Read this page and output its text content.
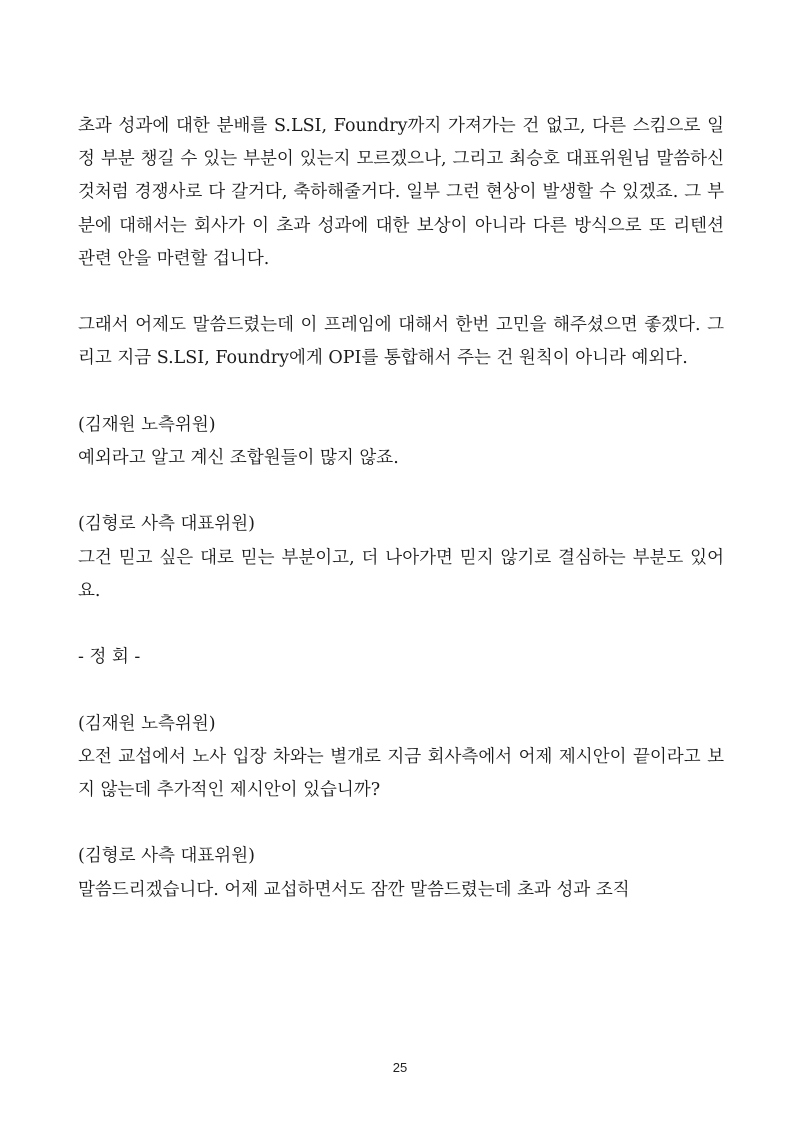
초과 성과에 대한 분배를 S.LSI, Foundry까지 가져가는 건 없고, 다른 스킴으로 일정 부분 챙길 수 있는 부분이 있는지 모르겠으나, 그리고 최승호 대표위원님 말씀하신 것처럼 경쟁사로 다 갈거다, 축하해줄거다. 일부 그런 현상이 발생할 수 있겠죠. 그 부분에 대해서는 회사가 이 초과 성과에 대한 보상이 아니라 다른 방식으로 또 리텐션 관련 안을 마련할 겁니다.

그래서 어제도 말씀드렸는데 이 프레임에 대해서 한번 고민을 해주셨으면 좋겠다. 그리고 지금 S.LSI, Foundry에게 OPI를 통합해서 주는 건 원칙이 아니라 예외다.

(김재원 노측위원)

예외라고 알고 계신 조합원들이 많지 않죠.

(김형로 사측 대표위원)

그건 믿고 싶은 대로 믿는 부분이고, 더 나아가면 믿지 않기로 결심하는 부분도 있어요.

- 정 회 -

(김재원 노측위원)

오전 교섭에서 노사 입장 차와는 별개로 지금 회사측에서 어제 제시안이 끝이라고 보지 않는데 추가적인 제시안이 있습니까?

(김형로 사측 대표위원)

말씀드리겠습니다. 어제 교섭하면서도 잠깐 말씀드렸는데 초과 성과 조직

25
